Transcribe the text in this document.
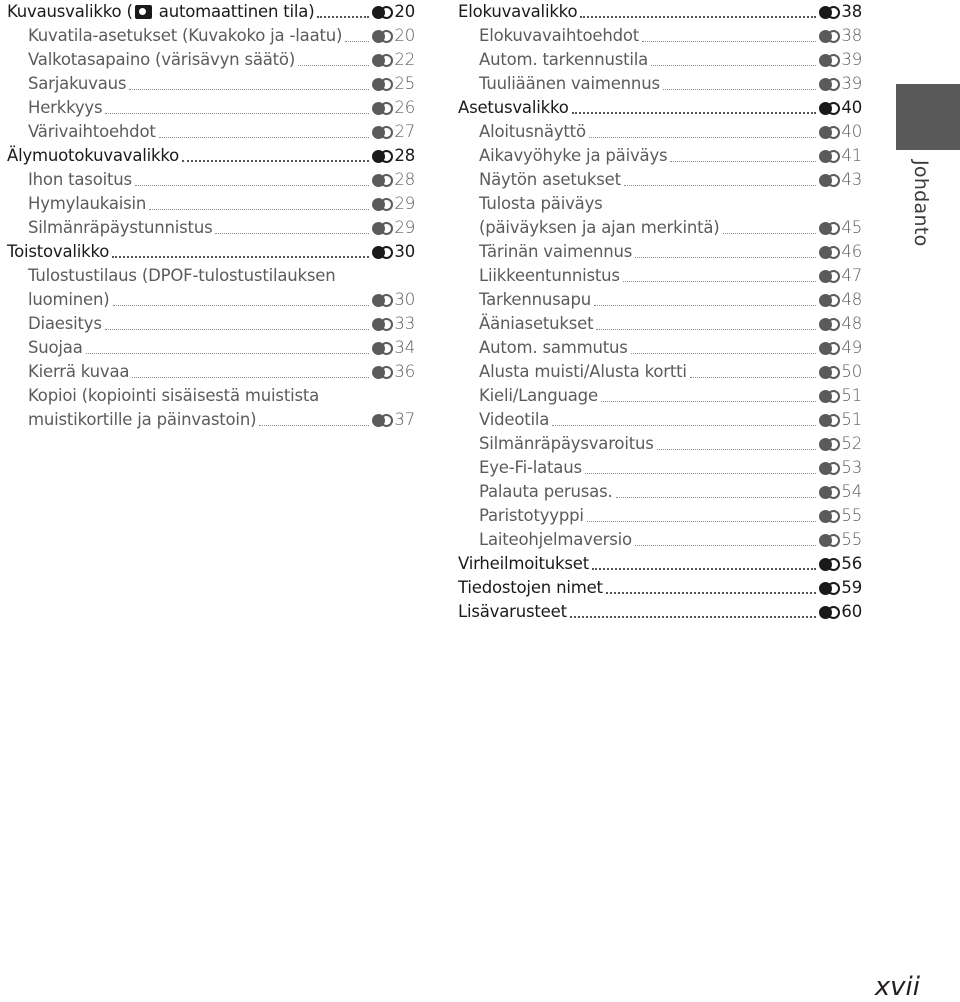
Kuvausvalikko ( automaattinen tila)	20
Kuvatila-asetukset (Kuvakoko ja -laatu)	20
Valkotasapaino (värisävyn säätö)	22
Sarjakuvaus	25
Herkkyys	26
Värivaihtoehdot	27
Älymuotokuvavalikko	28
Ihon tasoitus	28
Hymylaukaisin	29
Silmänräpäystunnistus	29
Toistovalikko	30
Tulostustilaus (DPOF-tulostustilauksen
luominen)	30
Diaesitys	33
Suojaa	34
Kierrä kuvaa	36
Kopioi (kopiointi sisäisestä muistista
muistikortille ja päinvastoin)	37
Elokuvavalikko	38
Elokuvavaihtoehdot	38
Autom. tarkennustila	39
Tuuliäänen vaimennus	39
Asetusvalikko	40
Aloitusnäyttö	40
Aikavyöhyke ja päiväys	41
Näytön asetukset	43
Tulosta päiväys
(päiväyksen ja ajan merkintä)	45
Tärinän vaimennus	46
Liikkeentunnistus	47
Tarkennusapu	48
Ääniasetukset	48
Autom. sammutus	49
Alusta muisti/Alusta kortti	50
Kieli/Language	51
Videotila	51
Silmänräpäysvaroitus	52
Eye-Fi-lataus	53
Palauta perusas.	54
Paristotyyppi	55
Laiteohjelmaversio	55
Virheilmoitukset	56
Tiedostojen nimet	59
Lisävarusteet	60
Johdanto
xvii
